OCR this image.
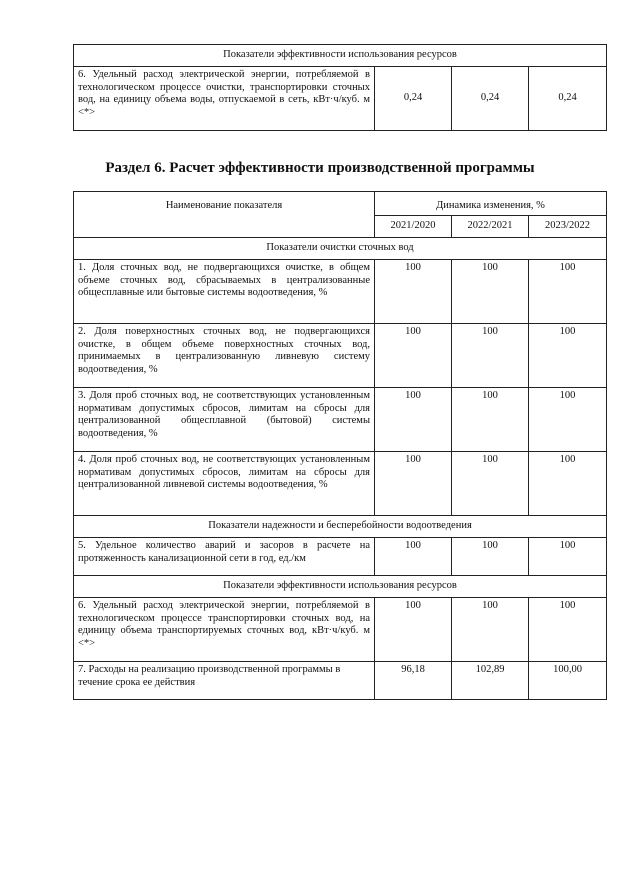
Показатели эффективности использования ресурсов
6. Удельный расход электрической энергии, потребляемой в технологическом процессе очистки, транспортировки сточных вод, на единицу объема воды, отпускаемой в сеть, кВт·ч/куб. м <*>	0,24	0,24	0,24
Раздел 6. Расчет эффективности производственной программы
Наименование показателя	Динамика изменения, %		
	2021/2020	2022/2021	2023/2022
Показатели очистки сточных вод			
1. Доля сточных вод, не подвергающихся очистке, в общем объеме сточных вод, сбрасываемых в централизованные общесплавные или бытовые системы водоотведения, %	100	100	100
2. Доля поверхностных сточных вод, не подвергающихся очистке, в общем объеме поверхностных сточных вод, принимаемых в централизованную ливневую систему водоотведения, %	100	100	100
3. Доля проб сточных вод, не соответствующих установленным нормативам допустимых сбросов, лимитам на сбросы для централизованной общесплавной (бытовой) системы водоотведения, %	100	100	100
4. Доля проб сточных вод, не соответствующих установленным нормативам допустимых сбросов, лимитам на сбросы для централизованной ливневой системы водоотведения, %	100	100	100
Показатели надежности и бесперебойности водоотведения			
5. Удельное количество аварий и засоров в расчете на протяженность канализационной сети в год, ед./км	100	100	100
Показатели эффективности использования ресурсов			
6. Удельный расход электрической энергии, потребляемой в технологическом процессе транспортировки сточных вод, на единицу объема транспортируемых сточных вод, кВт·ч/куб. м <*>	100	100	100
7. Расходы на реализацию производственной программы в течение срока ее действия	96,18	102,89	100,00
